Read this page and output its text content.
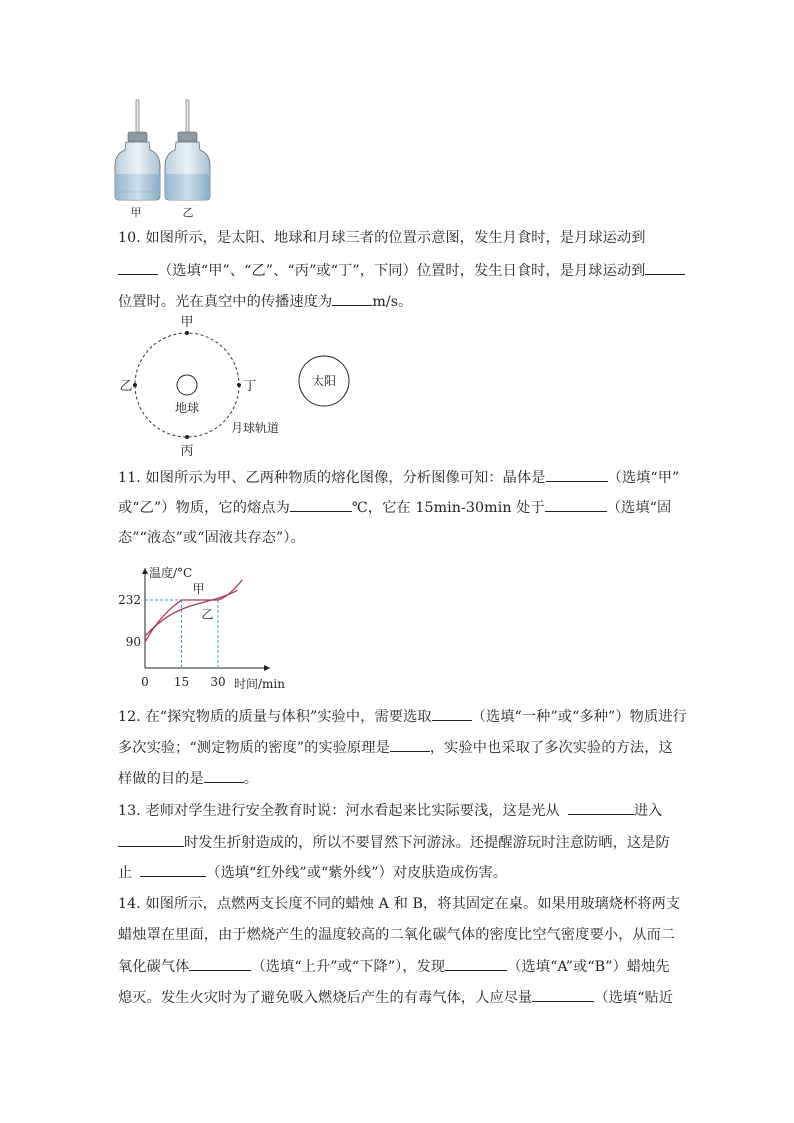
甲	乙
10. 如图所示，是太阳、地球和月球三者的位置示意图，发生月食时，是月球运动到
（选填“甲”、“乙”、“丙”或“丁”，下同）位置时，发生日食时，是月球运动到
位置时。光在真空中的传播速度为	m/s。
甲
乙	丁
丙
地球
月球轨道
太阳
11. 如图所示为甲、乙两种物质的熔化图像，分析图像可知：晶体是	（选填“甲”
或“乙”）物质，它的熔点为	℃，它在 15min-30min 处于	（选填“固
态”“液态”或“固液共存态”）。
温度/°C
时间/min
232
90
0 15 30
甲
乙
12. 在“探究物质的质量与体积”实验中，需要选取	（选填“一种”或“多种”）物质进行
多次实验；“测定物质的密度”的实验原理是	，实验中也采取了多次实验的方法，这
样做的目的是	。
13. 老师对学生进行安全教育时说：河水看起来比实际要浅，这是光从	进入
时发生折射造成的，所以不要冒然下河游泳。还提醒游玩时注意防晒，这是防
止	（选填“红外线”或“紫外线”）对皮肤造成伤害。
14. 如图所示，点燃两支长度不同的蜡烛 A 和 B，将其固定在桌。如果用玻璃烧杯将两支
蜡烛罩在里面，由于燃烧产生的温度较高的二氧化碳气体的密度比空气密度要小，从而二
氧化碳气体	（选填“上升”或“下降”），发现	（选填“A”或“B”）蜡烛先
熄灭。发生火灾时为了避免吸入燃烧后产生的有毒气体，人应尽量	（选填“贴近
